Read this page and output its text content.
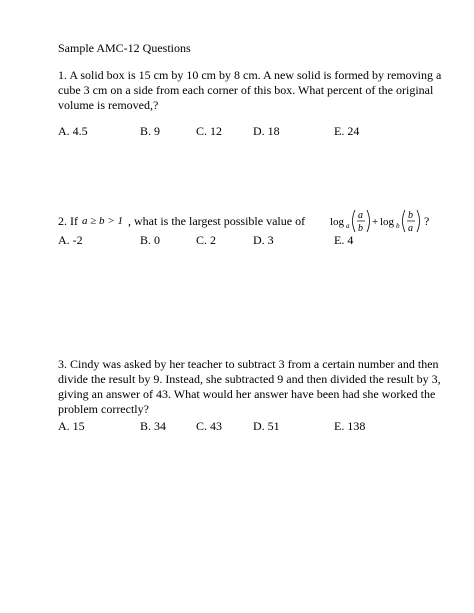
Sample AMC-12 Questions
1. A solid box is 15 cm by 10 cm by 8 cm. A new solid is formed by removing a
cube 3 cm on a side from each corner of this box. What percent of the original
volume is removed,?
A. 4.5	B. 9	C. 12	D. 18	E. 24
2. If a ≥ b > 1 , what is the largest possible value of log a
a
b
+ log b
b
a
?
A. -2	B. 0	C. 2	D. 3	E. 4
3. Cindy was asked by her teacher to subtract 3 from a certain number and then
divide the result by 9. Instead, she subtracted 9 and then divided the result by 3,
giving an answer of 43. What would her answer have been had she worked the
problem correctly?
A. 15	B. 34 C. 43	D. 51	E. 138
